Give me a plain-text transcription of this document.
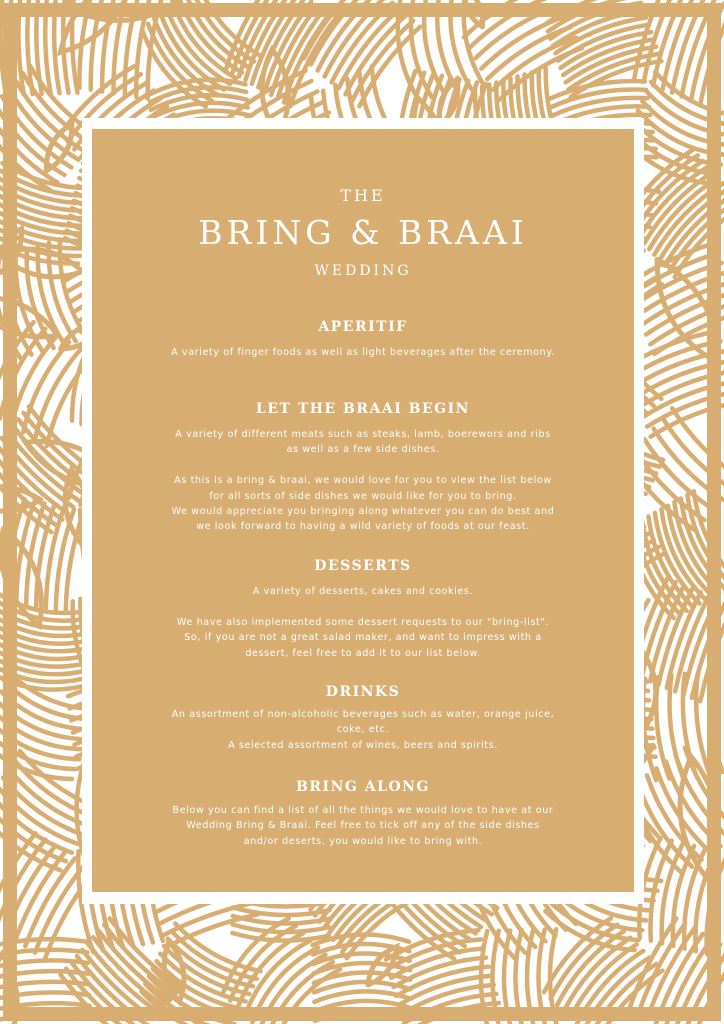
THE
BRING & BRAAI
WEDDING
APERITIF
A variety of finger foods as well as light beverages after the ceremony.
LET THE BRAAI BEGIN
A variety of different meats such as steaks, lamb, boerewors and ribs
as well as a few side dishes.
As this is a bring & braai, we would love for you to view the list below
for all sorts of side dishes we would like for you to bring.
We would appreciate you bringing along whatever you can do best and
we look forward to having a wild variety of foods at our feast.
DESSERTS
A variety of desserts, cakes and cookies.
We have also implemented some dessert requests to our "bring-list".
So, if you are not a great salad maker, and want to impress with a
dessert, feel free to add it to our list below.
DRINKS
An assortment of non-alcoholic beverages such as water, orange juice,
coke, etc.
A selected assortment of wines, beers and spirits.
BRING ALONG
Below you can find a list of all the things we would love to have at our
Wedding Bring & Braai. Feel free to tick off any of the side dishes
and/or deserts, you would like to bring with.
